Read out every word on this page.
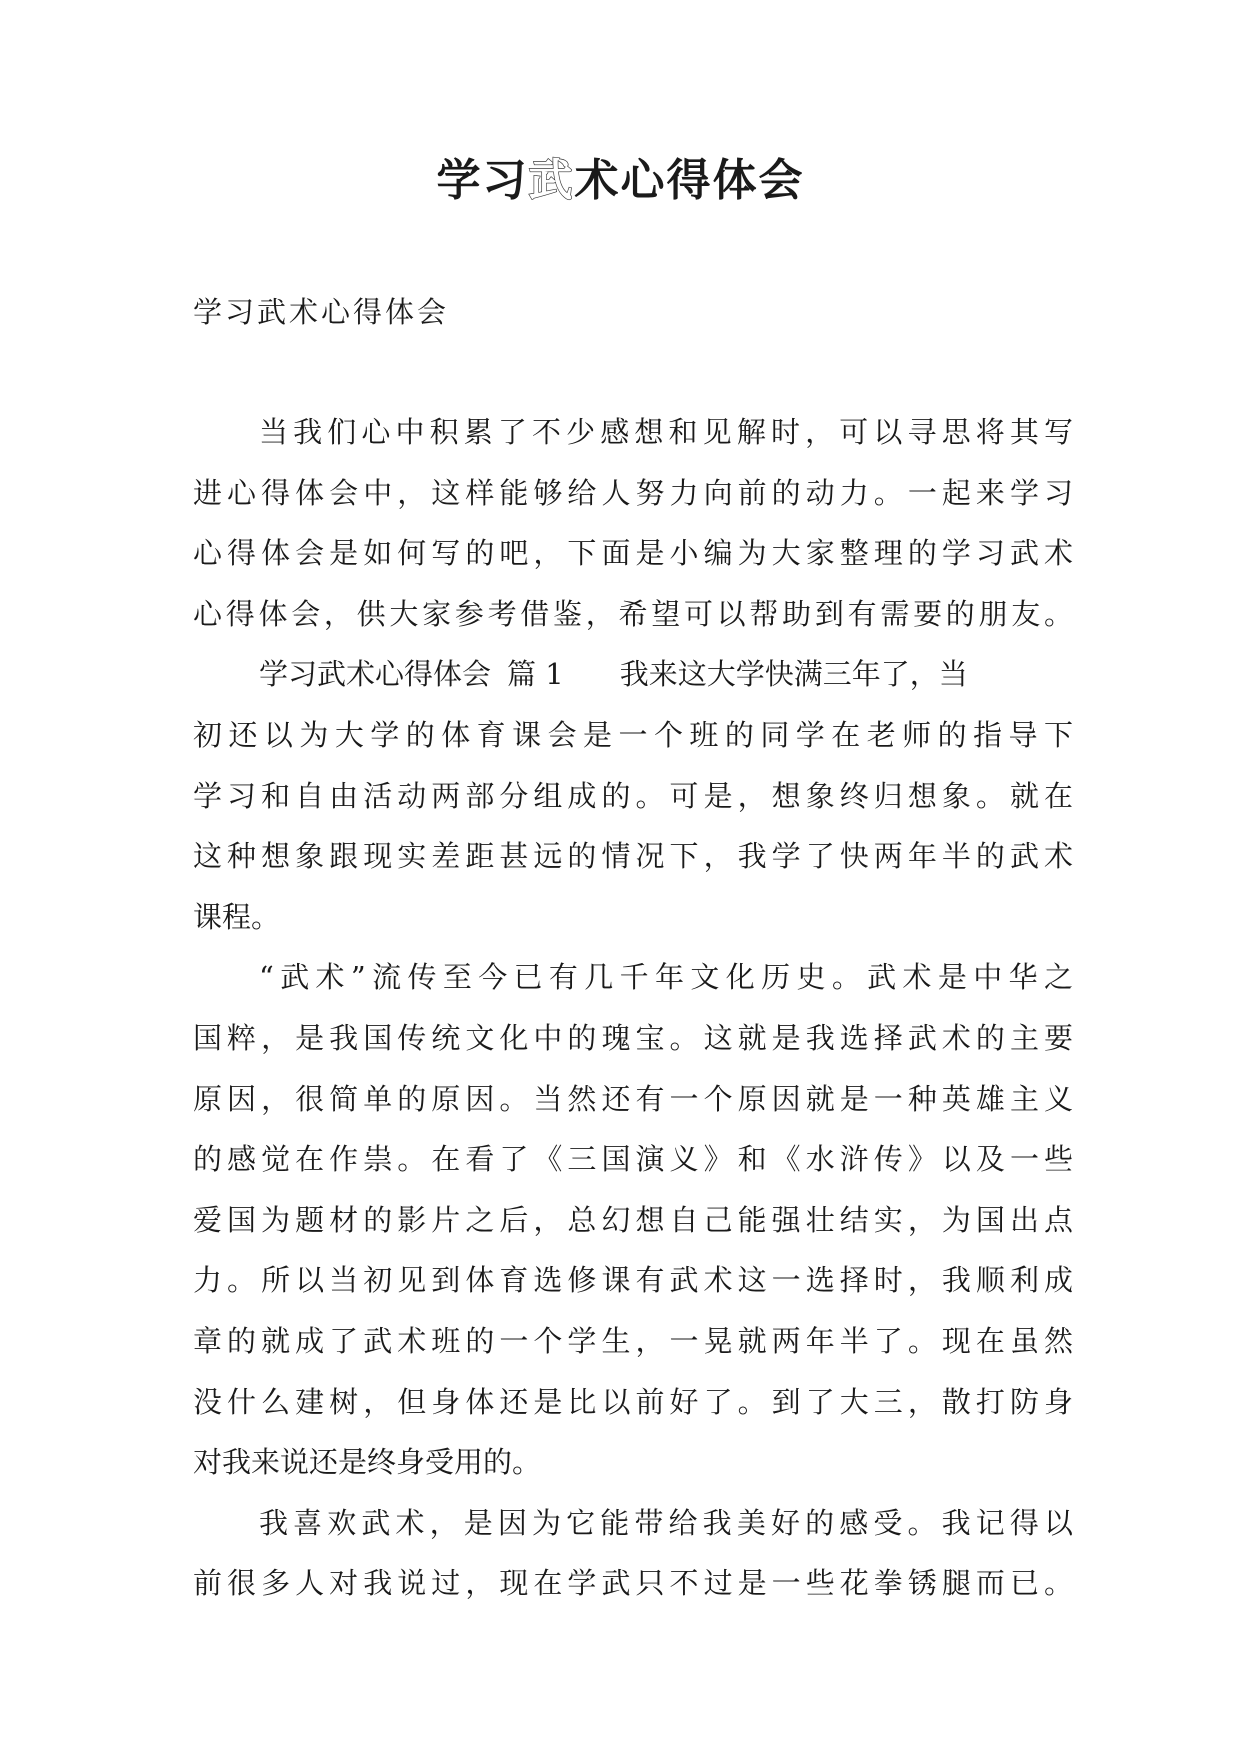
学习武术心得体会

学习武术心得体会

当我们心中积累了不少感想和见解时，可以寻思将其写
进心得体会中，这样能够给人努力向前的动力。一起来学习
心得体会是如何写的吧，下面是小编为大家整理的学习武术
心得体会，供大家参考借鉴，希望可以帮助到有需要的朋友。
学习武术心得体会 篇 1 我来这大学快满三年了，当
初还以为大学的体育课会是一个班的同学在老师的指导下
学习和自由活动两部分组成的。可是，想象终归想象。就在
这种想象跟现实差距甚远的情况下，我学了快两年半的武术
课程。
“武术”流传至今已有几千年文化历史。武术是中华之
国粹，是我国传统文化中的瑰宝。这就是我选择武术的主要
原因，很简单的原因。当然还有一个原因就是一种英雄主义
的感觉在作祟。在看了《三国演义》和《水浒传》以及一些
爱国为题材的影片之后，总幻想自己能强壮结实，为国出点
力。所以当初见到体育选修课有武术这一选择时，我顺利成
章的就成了武术班的一个学生，一晃就两年半了。现在虽然
没什么建树，但身体还是比以前好了。到了大三，散打防身
对我来说还是终身受用的。
我喜欢武术，是因为它能带给我美好的感受。我记得以
前很多人对我说过，现在学武只不过是一些花拳锈腿而已。
